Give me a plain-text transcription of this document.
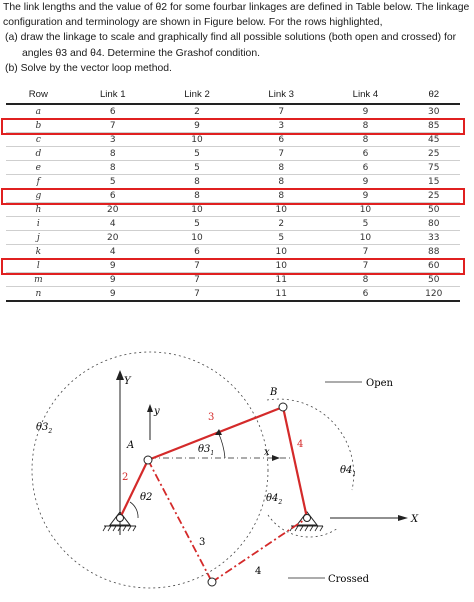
The link lengths and the value of θ2 for some fourbar linkages are defined in Table below. The linkage configuration and terminology are shown in Figure below. For the rows highlighted,

(a) draw the linkage to scale and graphically find all possible solutions (both open and crossed) for angles θ3 and θ4. Determine the Grashof condition.

(b) Solve by the vector loop method.

Row	Link 1	Link 2	Link 3	Link 4	θ2
a	6	2	7	9	30
b	7	9	3	8	85
c	3	10	6	8	45
d	8	5	7	6	25
e	8	5	8	6	75
f	5	8	8	9	15
g	6	8	8	9	25
h	20	10	10	10	50
i	4	5	2	5	80
j	20	10	5	10	33
k	4	6	10	7	88
l	9	7	10	7	60
m	9	7	11	8	50
n	9	7	11	6	120
Y
y
X
x
A
B
Open
Crossed
2
3
4
3
4
θ2
$\theta 3_1$
$\theta 4_1$
$\theta 4_2$
$\theta 3_2$
